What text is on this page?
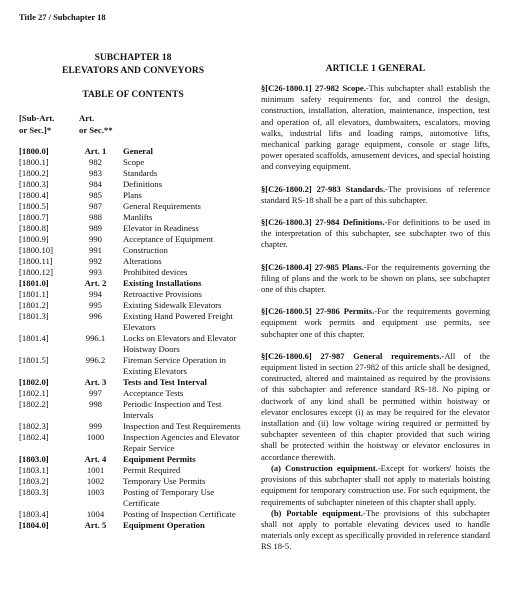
Title 27 / Subchapter 18
SUBCHAPTER 18
ELEVATORS AND CONVEYORS
TABLE OF CONTENTS
[Sub-Art.
or Sec.]*
Art.
or Sec.**
[1800.0]	Art. 1		General
[1800.1]	982		Scope
[1800.2]	983		Standards
[1800.3]	984		Definitions
[1800.4]	985		Plans
[1800.5]	987		General Requirements
[1800.7]	988		Manlifts
[1800.8]	989		Elevator in Readiness
[1800.9]	990		Acceptance of Equipment
[1800.10]	991		Construction
[1800.11]	992		Alterations
[1800.12]	993		Prohibited devices
[1801.0]	Art. 2		Existing Installations
[1801.1]	994		Retroactive Provisions
[1801.2]	995		Existing Sidewalk Elevators
[1801.3]	996		Existing Hand Powered Freight Elevators
[1801.4]	996.1		Locks on Elevators and Elevator Hoistway Doors
[1801.5]	996.2		Fireman Service Operation in Existing Elevators
[1802.0]	Art. 3		Tests and Test Interval
[1802.1]	997		Acceptance Tests
[1802.2]	998		Periodic Inspection and Test Intervals
[1802.3]	999		Inspection and Test Requirements
[1802.4]	1000		Inspection Agencies and Elevator Repair Service
[1803.0]	Art. 4		Equipment Permits
[1803.1]	1001		Permit Required
[1803.2]	1002		Temporary Use Permits
[1803.3]	1003		Posting of Temporary Use Certificate
[1803.4]	1004		Posting of Inspection Certificate
[1804.0]	Art. 5		Equipment Operation
ARTICLE 1 GENERAL

§[C26-1800.1] 27-982 Scope.-This subchapter shall establish the minimum safety requirements for, and control the design, construction, installation, alteration, maintenance, inspection, test and operation of, all elevators, dumbwaiters, escalators, moving walks, industrial lifts and loading ramps, automotive lifts, mechanical parking garage equipment, console or stage lifts, power operated scaffolds, amusement devices, and special hoisting and conveying equipment.

§[C26-1800.2] 27-983 Standards.-The provisions of reference standard RS-18 shall be a part of this subchapter.

§[C26-1800.3] 27-984 Definitions.-For definitions to be used in the interpretation of this subchapter, see subchapter two of this chapter.

§[C26-1800.4] 27-985 Plans.-For the requirements governing the filing of plans and the work to be shown on plans, see subchapter one of this chapter.

§[C26-1800.5] 27-986 Permits.-For the requirements governing equipment work permits and equipment use permits, see subchapter one of this chapter.

§[C26-1800.6] 27-987 General requirements.-All of the equipment listed in section 27-982 of this article shall be designed, constructed, altered and maintained as required by the provisions of this subchapter and reference standard RS-18. No piping or ductwork of any kind shall be permitted within hoistway or elevator enclosures except (i) as may be required for the elevator installation and (ii) low voltage wiring required or permitted by subchapter seventeen of this chapter provided that such wiring shall be protected within the hoistway or elevator enclosures in accordance therewith.

(a) Construction equipment.-Except for workers' hoists the provisions of this subchapter shall not apply to materials hoisting equipment for temporary construction use. For such equipment, the requirements of subchapter nineteen of this chapter shall apply.

(b) Portable equipment.-The provisions of this subchapter shall not apply to portable elevating devices used to handle materials only except as specifically provided in reference standard RS 18-5.
